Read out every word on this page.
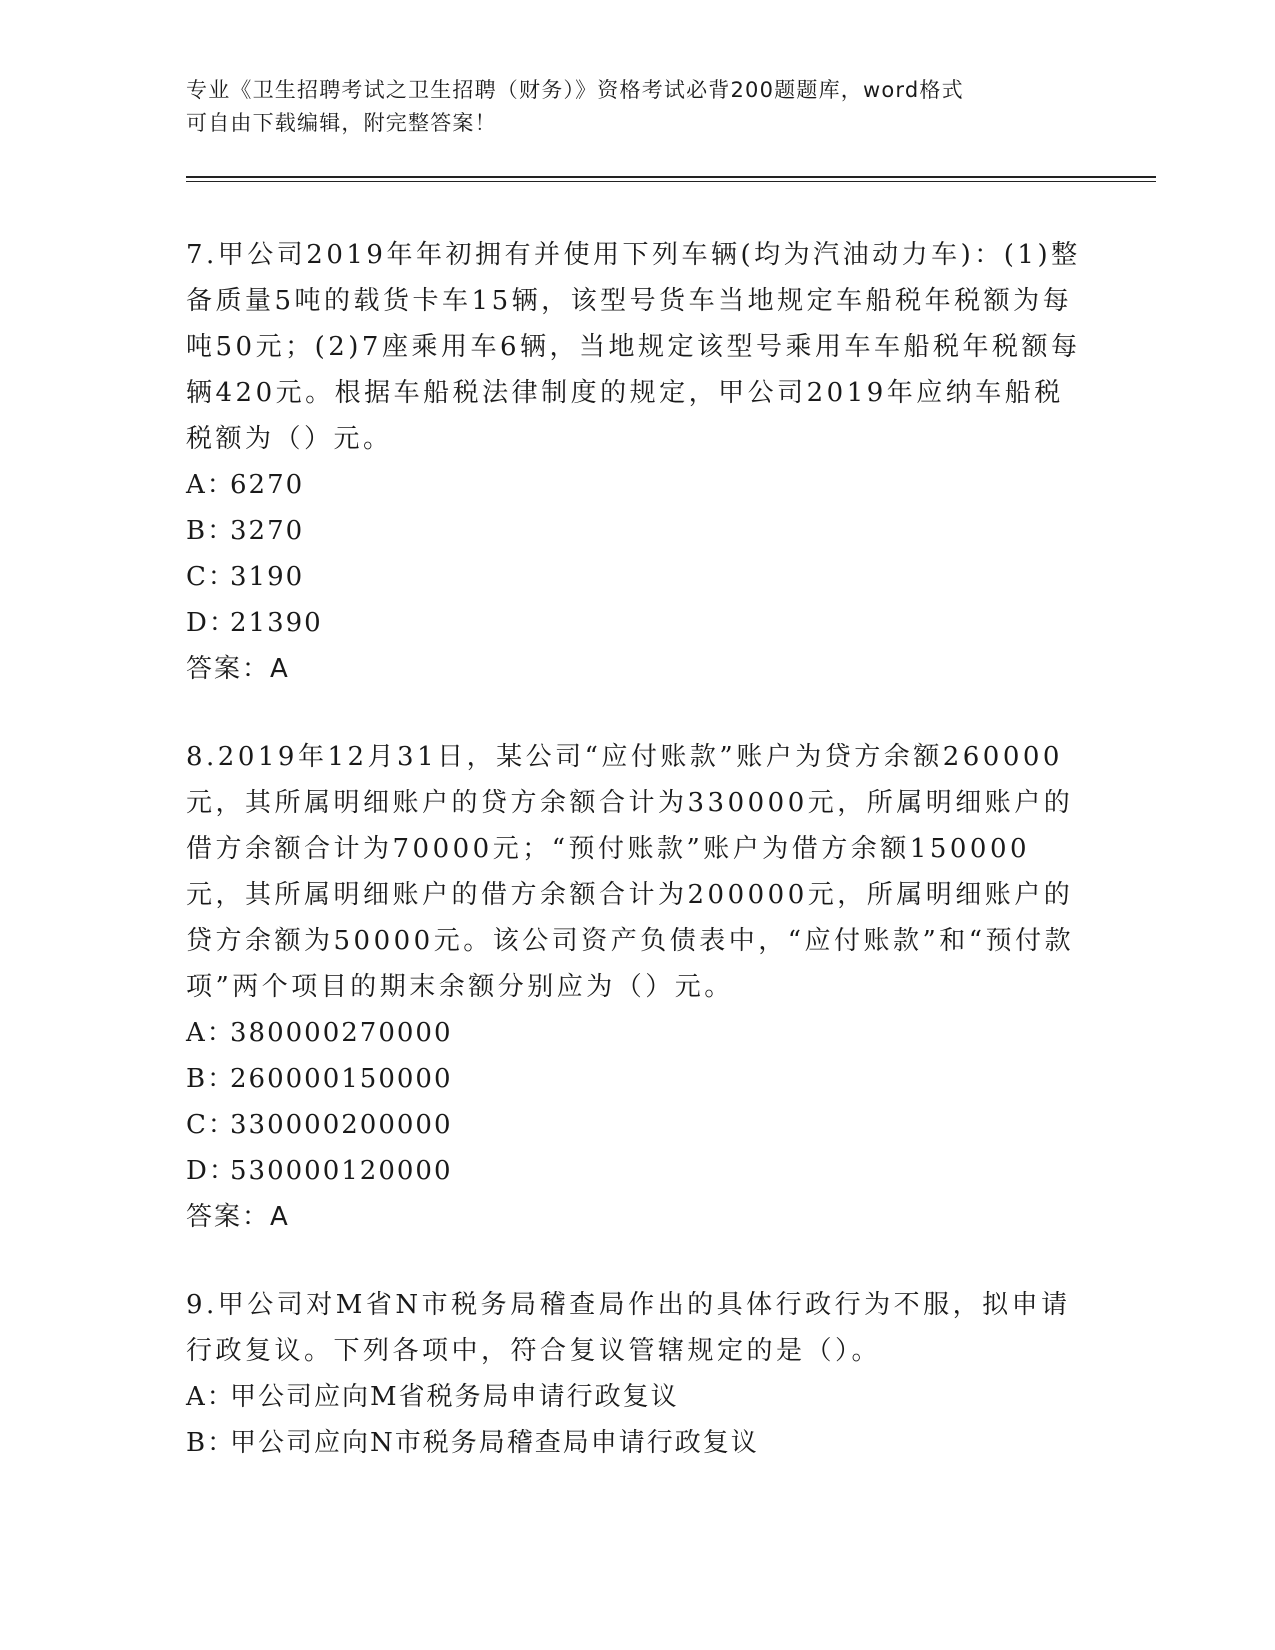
专业《卫生招聘考试之卫生招聘（财务）》资格考试必背200题题库，word格式
可自由下载编辑，附完整答案！

7.甲公司2019年年初拥有并使用下列车辆(均为汽油动力车)：(1)整备质量5吨的载货卡车15辆，该型号货车当地规定车船税年税额为每吨50元；(2)7座乘用车6辆，当地规定该型号乘用车车船税年税额每辆420元。根据车船税法律制度的规定，甲公司2019年应纳车船税税额为（）元。

A：6270

B：3270

C：3190

D：21390

答案：A

8.2019年12月31日，某公司“应付账款”账户为贷方余额260000元，其所属明细账户的贷方余额合计为330000元，所属明细账户的借方余额合计为70000元；“预付账款”账户为借方余额150000元，其所属明细账户的借方余额合计为200000元，所属明细账户的贷方余额为50000元。该公司资产负债表中，“应付账款”和“预付款项”两个项目的期末余额分别应为（）元。

A：380000270000

B：260000150000

C：330000200000

D：530000120000

答案：A

9.甲公司对M省N市税务局稽查局作出的具体行政行为不服，拟申请行政复议。下列各项中，符合复议管辖规定的是（）。

A：甲公司应向M省税务局申请行政复议

B：甲公司应向N市税务局稽查局申请行政复议
